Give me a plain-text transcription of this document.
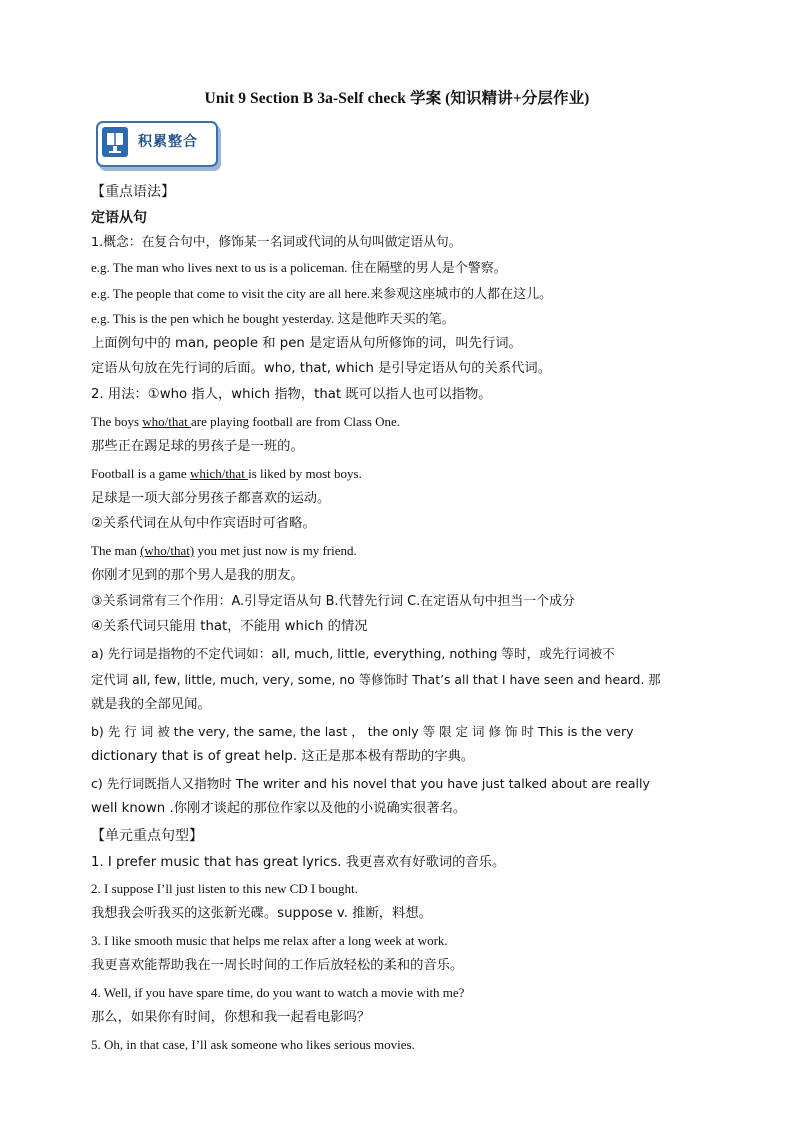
Unit 9 Section B 3a-Self check 学案 (知识精讲+分层作业)
积累整合
【重点语法】
定语从句
1.概念：在复合句中，修饰某一名词或代词的从句叫做定语从句。
e.g. The man who lives next to us is a policeman. 住在隔壁的男人是个警察。
e.g. The people that come to visit the city are all here.来参观这座城市的人都在这儿。
e.g. This is the pen which he bought yesterday. 这是他昨天买的笔。
上面例句中的 man, people 和 pen 是定语从句所修饰的词，叫先行词。
定语从句放在先行词的后面。who, that, which 是引导定语从句的关系代词。
2. 用法：①who 指人，which 指物，that 既可以指人也可以指物。
The boys who/that are playing football are from Class One.
那些正在踢足球的男孩子是一班的。
Football is a game which/that is liked by most boys.
足球是一项大部分男孩子都喜欢的运动。
②关系代词在从句中作宾语时可省略。
The man (who/that) you met just now is my friend.
你刚才见到的那个男人是我的朋友。
③关系词常有三个作用：A.引导定语从句 B.代替先行词 C.在定语从句中担当一个成分
④关系代词只能用 that，不能用 which 的情况
a) 先行词是指物的不定代词如：all, much, little, everything, nothing 等时，或先行词被不
定代词 all, few, little, much, very, some, no 等修饰时 That’s all that I have seen and heard. 那
就是我的全部见闻。
b) 先 行 词 被 the very, the same, the last ， the only 等 限 定 词 修 饰 时 This is the very
dictionary that is of great help. 这正是那本极有帮助的字典。
c) 先行词既指人又指物时 The writer and his novel that you have just talked about are really
well known .你刚才谈起的那位作家以及他的小说确实很著名。
【单元重点句型】
1. I prefer music that has great lyrics. 我更喜欢有好歌词的音乐。
2. I suppose I’ll just listen to this new CD I bought.
我想我会听我买的这张新光碟。suppose v. 推断，料想。
3. I like smooth music that helps me relax after a long week at work.
我更喜欢能帮助我在一周长时间的工作后放轻松的柔和的音乐。
4. Well, if you have spare time, do you want to watch a movie with me?
那么，如果你有时间，你想和我一起看电影吗？
5. Oh, in that case, I’ll ask someone who likes serious movies.
